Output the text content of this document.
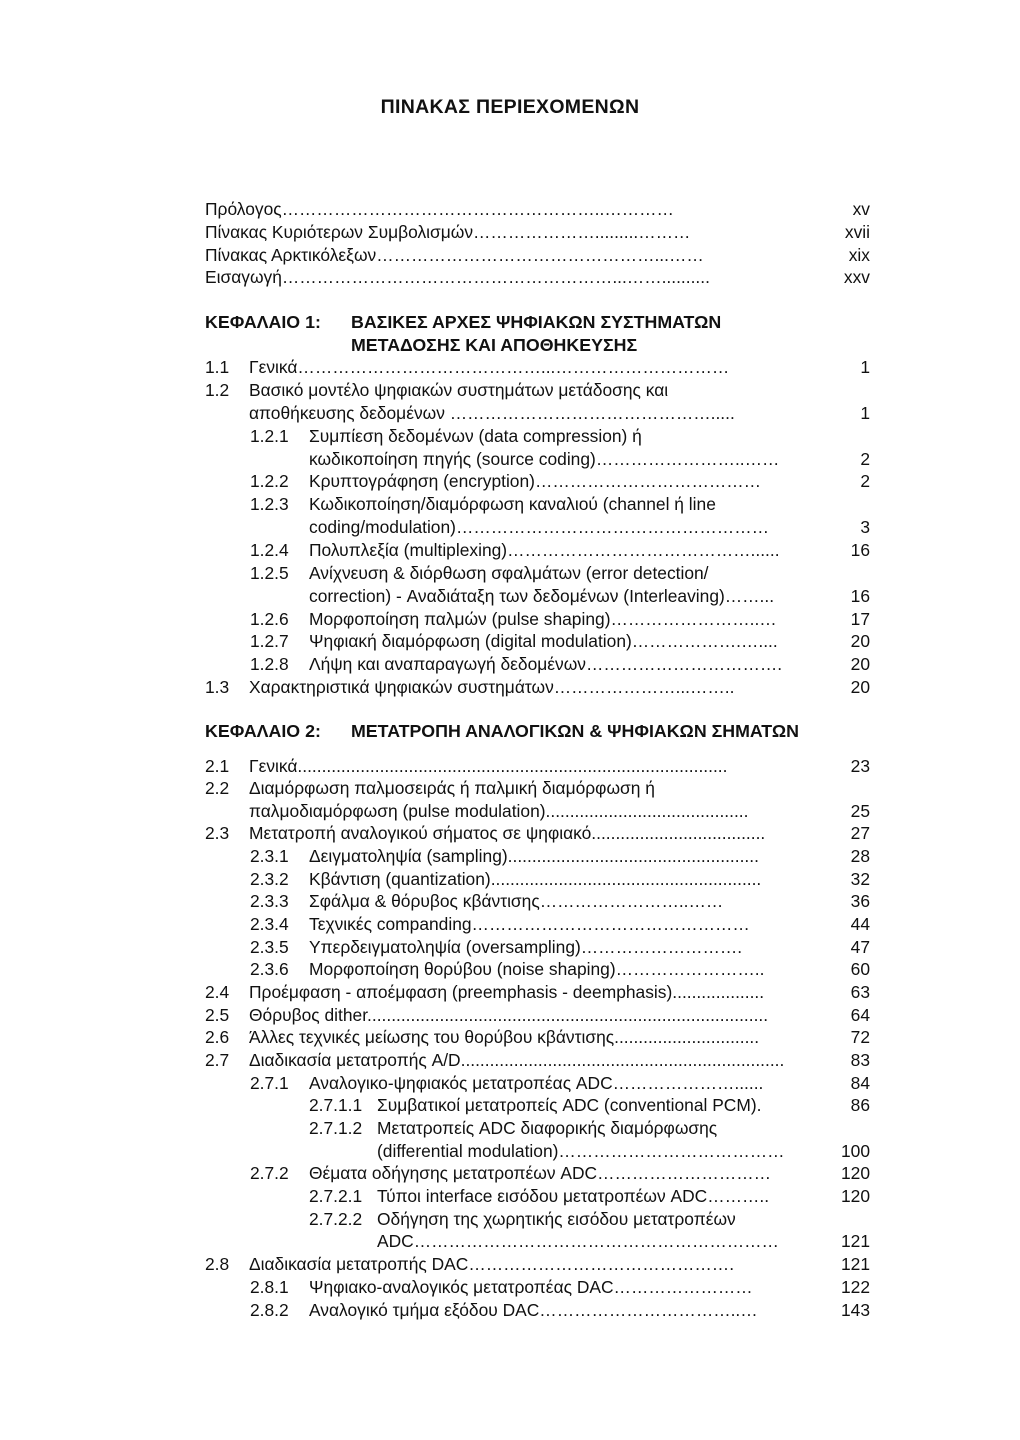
ΠΙΝΑΚΑΣ ΠΕΡΙΕΧΟΜΕΝΩΝ
Πρόλογος………………………………………………..…………	xv
Πίνακας Κυριότερων Συμβολισμών………………….........………	xvii
Πίνακας Αρκτικόλεξων…………………………………………...……	xix
Εισαγωγή…………………………………………………...……..........	xxv
ΚΕΦΑΛΑΙΟ 1: ΒΑΣΙΚΕΣ ΑΡΧΕΣ ΨΗΦΙΑΚΩΝ ΣΥΣΤΗΜΑΤΩΝ
ΜΕΤΑΔΟΣΗΣ ΚΑΙ ΑΠΟΘΗΚΕΥΣΗΣ
1.1 Γενικά……………………………………...…………………………	1
1.2 Βασικό μοντέλο ψηφιακών συστημάτων μετάδοσης και
αποθήκευσης δεδομένων ……………………………………….....	1
1.2.1 Συμπίεση δεδομένων (data compression) ή
κωδικοποίηση πηγής (source coding)……………………..……	2
1.2.2 Κρυπτογράφηση (encryption)…………………………………	2
1.2.3 Κωδικοποίηση/διαμόρφωση καναλιού (channel ή line
coding/modulation)………………………………………………	3
1.2.4 Πολυπλεξία (multiplexing)……………………………………......	16
1.2.5 Ανίχνευση & διόρθωση σφαλμάτων (error detection/
correction) - Αναδιάταξη των δεδομένων (Interleaving)……...	16
1.2.6 Μορφοποίηση παλμών (pulse shaping)……………………..…	17
1.2.7 Ψηφιακή διαμόρφωση (digital modulation)……………….…....	20
1.2.8 Λήψη και αναπαραγωγή δεδομένων…………………………….	20
1.3 Χαρακτηριστικά ψηφιακών συστημάτων…………………...……..	20
ΚΕΦΑΛΑΙΟ 2: ΜΕΤΑΤΡΟΠΗ ΑΝΑΛΟΓΙΚΩΝ & ΨΗΦΙΑΚΩΝ ΣΗΜΑΤΩΝ
2.1 Γενικά.........................................................................................	23
2.2 Διαμόρφωση παλμοσειράς ή παλμική διαμόρφωση ή
παλμοδιαμόρφωση (pulse modulation)..........................................	25
2.3 Μετατροπή αναλογικού σήματος σε ψηφιακό....................................	27
2.3.1 Δειγματοληψία (sampling)....................................................	28
2.3.2 Κβάντιση (quantization)........................................................	32
2.3.3 Σφάλμα & θόρυβος κβάντισης……………………..……	36
2.3.4 Τεχνικές companding…………………………………………	44
2.3.5 Υπερδειγματοληψία (oversampling)……………………….	47
2.3.6 Μορφοποίηση θορύβου (noise shaping)……………………..	60
2.4 Προέμφαση - αποέμφαση (preemphasis - deemphasis)...................	63
2.5 Θόρυβος dither...................................................................................	64
2.6 Άλλες τεχνικές μείωσης του θορύβου κβάντισης..............................	72
2.7 Διαδικασία μετατροπής A/D...................................................................	83
2.7.1 Αναλογικο-ψηφιακός μετατροπέας ADC…………………......	84
2.7.1.1 Συμβατικοί μετατροπείς ADC (conventional PCM).	86
2.7.1.2 Μετατροπείς ADC διαφορικής διαμόρφωσης
(differential modulation)…………………………………	100
2.7.2 Θέματα οδήγησης μετατροπέων ADC…………………………	120
2.7.2.1 Τύποι interface εισόδου μετατροπέων ADC………..	120
2.7.2.2 Οδήγηση της χωρητικής εισόδου μετατροπέων
ADC………………………………………………………	121
2.8 Διαδικασία μετατροπής DAC……………………………………….	121
2.8.1 Ψηφιακο-αναλογικός μετατροπέας DAC……………………	122
2.8.2 Αναλογικό τμήμα εξόδου DAC……………………………..…	143
